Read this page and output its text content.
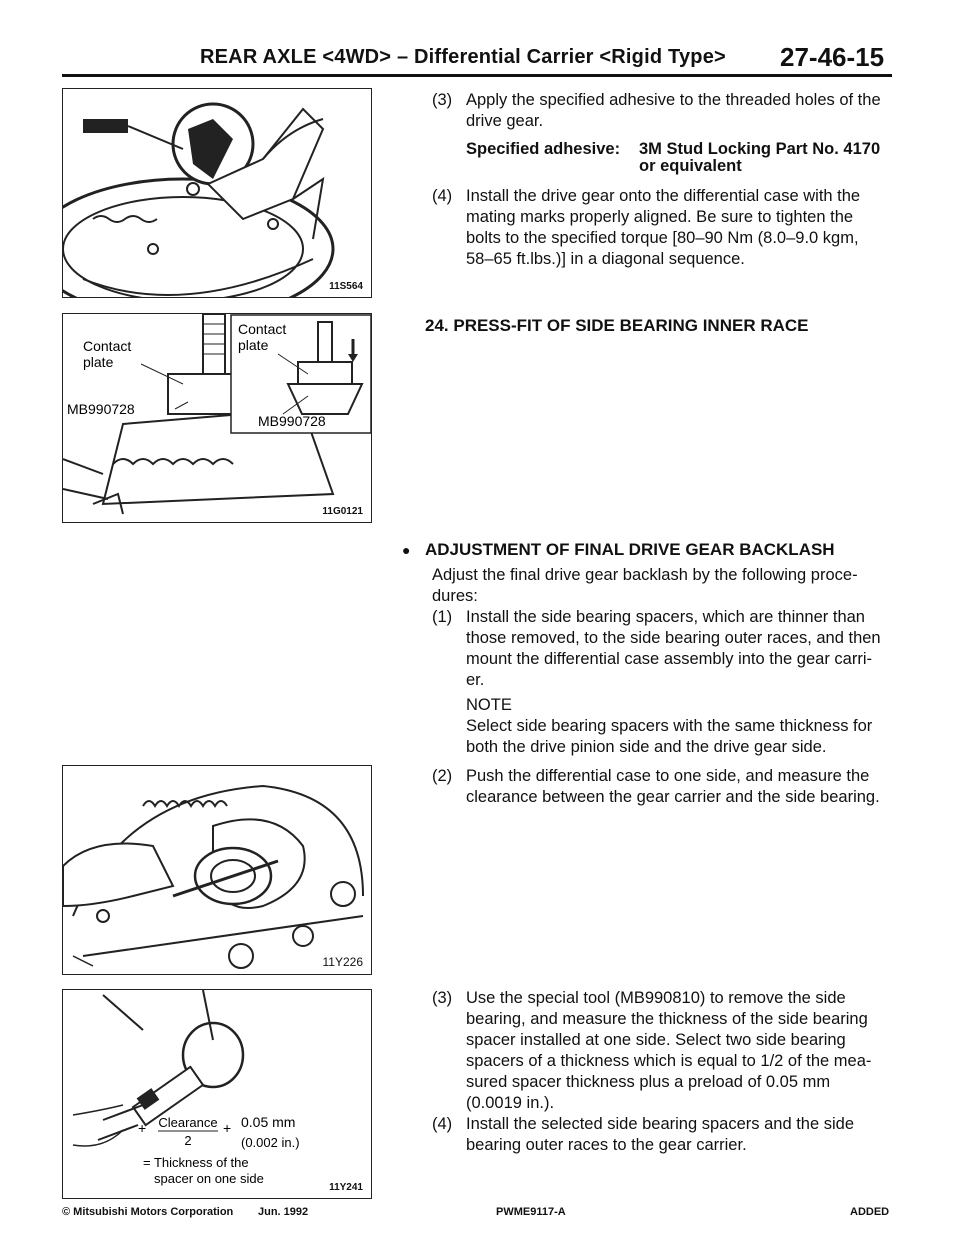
REAR AXLE <4WD> – Differential Carrier <Rigid Type> 27-46-15
11S564
Contact
plate
MB990728
Contact
plate
MB990728
11G0121
11Y226
+ Clearance
2
+ 0.05 mm
(0.002 in.)
= Thickness of the
spacer on one side
11Y241
(3) Apply the specified adhesive to the threaded holes of the
drive gear.
Specified adhesive: 3M Stud Locking Part No. 4170
or equivalent
(4) Install the drive gear onto the differential case with the
mating marks properly aligned. Be sure to tighten the
bolts to the specified torque [80–90 Nm (8.0–9.0 kgm,
58–65 ft.lbs.)] in a diagonal sequence.
24. PRESS-FIT OF SIDE BEARING INNER RACE
● ADJUSTMENT OF FINAL DRIVE GEAR BACKLASH
Adjust the final drive gear backlash by the following proce-
dures:
(1) Install the side bearing spacers, which are thinner than
those removed, to the side bearing outer races, and then
mount the differential case assembly into the gear carri-
er.
NOTE
Select side bearing spacers with the same thickness for
both the drive pinion side and the drive gear side.
(2) Push the differential case to one side, and measure the
clearance between the gear carrier and the side bearing.
(3) Use the special tool (MB990810) to remove the side
bearing, and measure the thickness of the side bearing
spacer installed at one side. Select two side bearing
spacers of a thickness which is equal to 1/2 of the mea-
sured spacer thickness plus a preload of 0.05 mm
(0.0019 in.).
(4) Install the selected side bearing spacers and the side
bearing outer races to the gear carrier.
© Mitsubishi Motors Corporation Jun. 1992	PWME9117-A	ADDED
